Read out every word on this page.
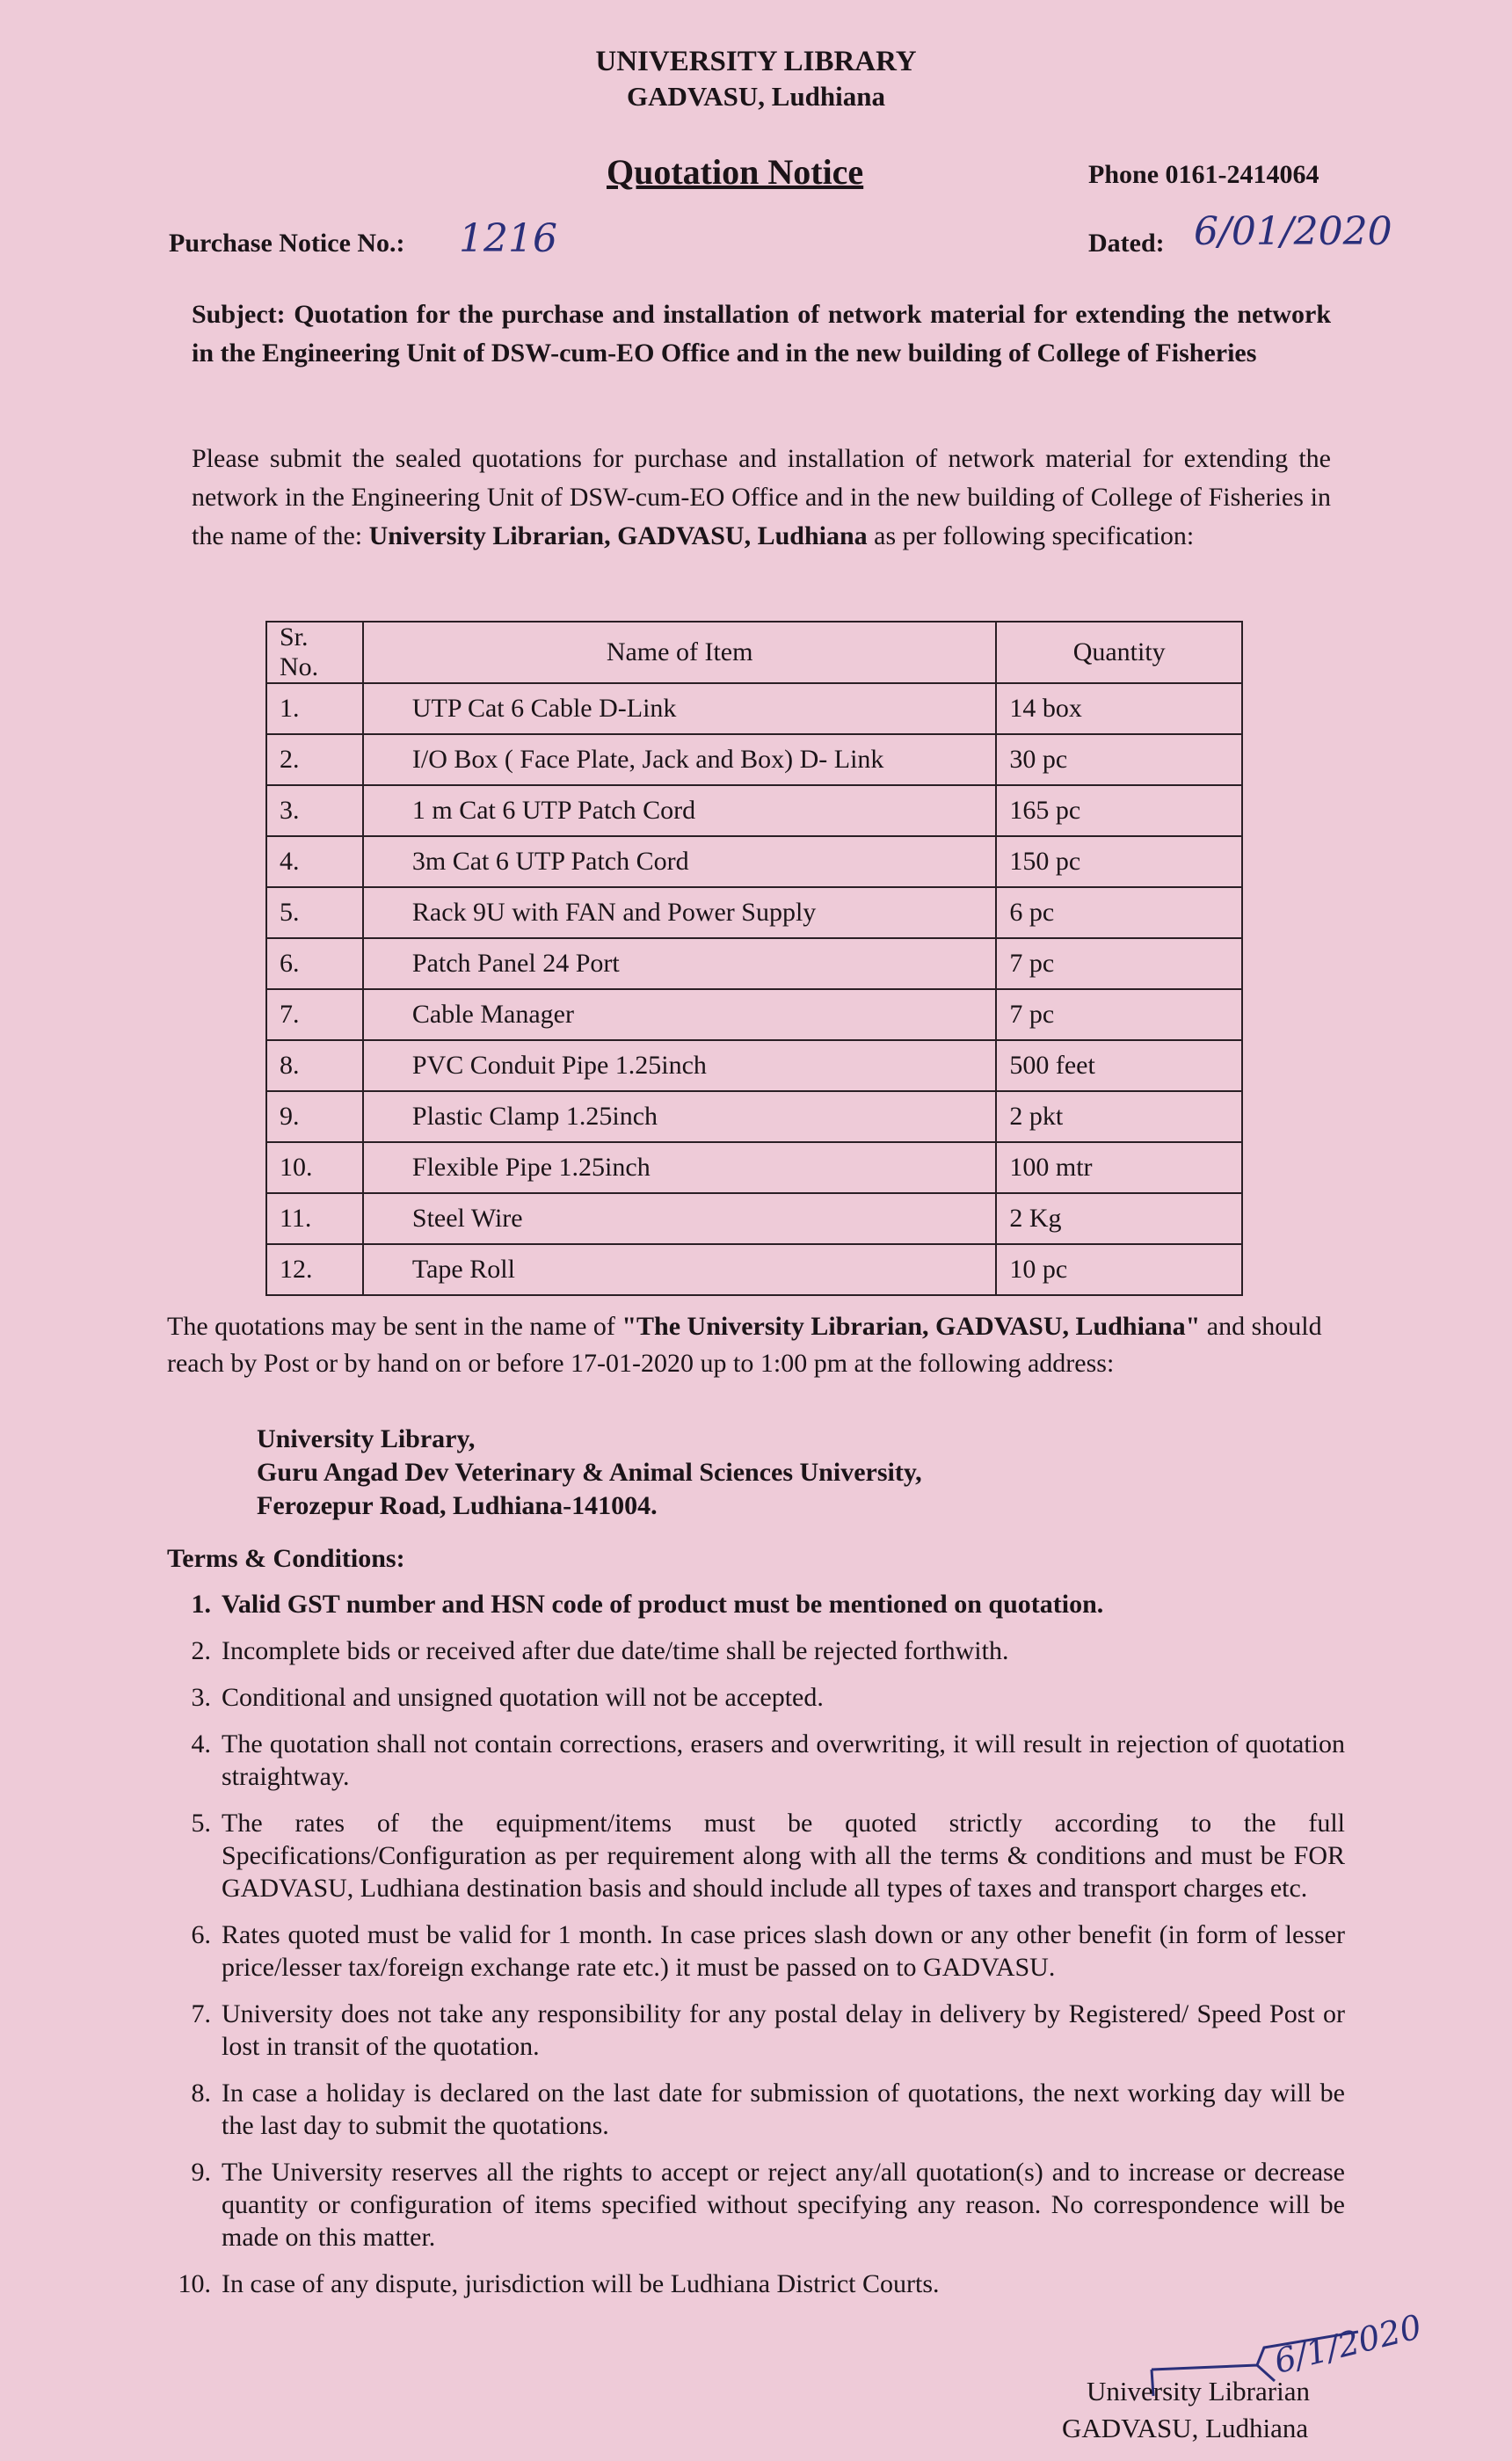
UNIVERSITY LIBRARY
GADVASU, Ludhiana
Quotation Notice	Phone 0161-2414064
Purchase Notice No.: 1216	Dated: 6/01/2020
Subject: Quotation for the purchase and installation of network material for extending the network in the Engineering Unit of DSW-cum-EO Office and in the new building of College of Fisheries
Please submit the sealed quotations for purchase and installation of network material for extending the network in the Engineering Unit of DSW-cum-EO Office and in the new building of College of Fisheries in the name of the: University Librarian, GADVASU, Ludhiana as per following specification:
Sr. No.	Name of Item	Quantity
1.	UTP Cat 6 Cable D-Link	14 box
2.	I/O Box ( Face Plate, Jack and Box) D- Link	30 pc
3.	1 m Cat 6 UTP Patch Cord	165 pc
4.	3m Cat 6 UTP Patch Cord	150 pc
5.	Rack 9U with FAN and Power Supply	6 pc
6.	Patch Panel 24 Port	7 pc
7.	Cable Manager	7 pc
8.	PVC Conduit Pipe 1.25inch	500 feet
9.	Plastic Clamp 1.25inch	2 pkt
10.	Flexible Pipe 1.25inch	100 mtr
11.	Steel Wire	2 Kg
12.	Tape Roll	10 pc
The quotations may be sent in the name of "The University Librarian, GADVASU, Ludhiana" and should reach by Post or by hand on or before 17-01-2020 up to 1:00 pm at the following address:
University Library,
Guru Angad Dev Veterinary & Animal Sciences University,
Ferozepur Road, Ludhiana-141004.
Terms & Conditions:
1. Valid GST number and HSN code of product must be mentioned on quotation.
2. Incomplete bids or received after due date/time shall be rejected forthwith.
3. Conditional and unsigned quotation will not be accepted.
4. The quotation shall not contain corrections, erasers and overwriting, it will result in rejection of quotation straightway.
5. The rates of the equipment/items must be quoted strictly according to the full Specifications/Configuration as per requirement along with all the terms & conditions and must be FOR GADVASU, Ludhiana destination basis and should include all types of taxes and transport charges etc.
6. Rates quoted must be valid for 1 month. In case prices slash down or any other benefit (in form of lesser price/lesser tax/foreign exchange rate etc.) it must be passed on to GADVASU.
7. University does not take any responsibility for any postal delay in delivery by Registered/ Speed Post or lost in transit of the quotation.
8. In case a holiday is declared on the last date for submission of quotations, the next working day will be the last day to submit the quotations.
9. The University reserves all the rights to accept or reject any/all quotation(s) and to increase or decrease quantity or configuration of items specified without specifying any reason. No correspondence will be made on this matter.
10. In case of any dispute, jurisdiction will be Ludhiana District Courts.
6/1/2020
University Librarian
GADVASU, Ludhiana
